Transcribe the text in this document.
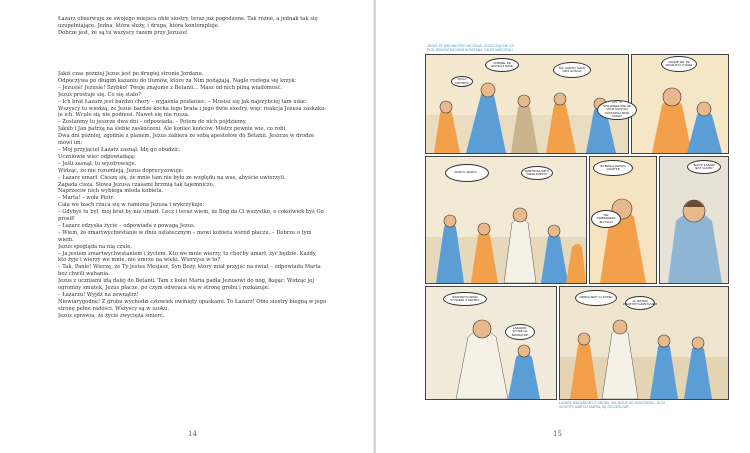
Łazarz obserwuje ze swojego miejsca obie siostry, teraz już pogodzone. Tak różne, a jednak tak się

uzupełniające. Jedna, która służy, i druga, która kontempluje.

Dobrze jest, że są tu wszyscy razem przy Jezusie!

Jakiś czas później Jezus jest po drugiej stronie Jordanu.

Odpoczywa po długim kazaniu do tłumów, które za Nim podążają. Nagle rozlega się krzyk:

– Jezusie! Jezusie! Szybko! Twoje znajome z Betanii… Masz od nich pilną wiadomość.

Jezus prostuje się. Co się stało?

– Ich brat Łazarz jest bardzo chory – wyjaśnia posłaniec. – Musisz się jak najszybciej tam udać.

Wszyscy tu wiedzą, że Jezus bardzo kocha tego brata i jego dwie siostry, więc reakcja Jezusa zaskaku-

je ich. Wcale się nie podnosi. Nawet się nie rusza.

– Zostańmy tu jeszcze dwa dni – odpowiada. – Potem do nich pójdziemy.

Jakub i Jan patrzą na siebie zaskoczeni. Ale koniec końców, Mistrz pewnie wie, co robi.

Dwa dni później, zgodnie z planem, Jezus zabiera ze sobą apostołów do Betanii. Jeszcze w drodze

mówi im:

– Mój przyjaciel Łazarz zasnął. Idę go obudzić.

Uczniowie wiec odpowiadają:

– Jeśli zasnął, to wyzdrowieje.

Widząc, że nie rozumieją, Jezus doprecyzowuje:

– Łazarz umarł. Cieszę się, że mnie tam nie było ze względu na was, abyście uwierzyli.

Zapada cisza. Słowa Jezusa czasami brzmią tak tajemniczo.

Naprzeciw nich wybiega młoda kobieta.

– Marta! – woła Piotr.

Cała we łzach rzuca się w ramiona Jezusa i wykrzykuje:

– Gdybyś tu był, mój brat by nie umarł. Lecz i teraz wiem, że Bóg da Ci wszystko, o cokolwiek byś Go

prosił!

– Łazarz odzyska życie – odpowiada z powagą Jezus.

– Wiem, że zmartwychwstanie w dniu ostatecznym – mówi kobieta wśród płaczu. – Dobrze o tym

wiem.

Jezus spogląda na nią czule.

– Ja jestem zmartwychwstaniem i życiem. Kto we mnie wierzy, to choćby umarł, żyć będzie. Każdy,

kto żyje i wierzy we mnie, nie umrze na wieki. Wierzysz w to?

– Tak, Panie! Wierzę, że Ty jesteś Mesjasz, Syn Boży, który miał przyjść na świat – odpowiada Marta

bez chwili wahania.

Jezus z uczniami idą dalej do Betanii. Tam z kolei Maria padła Jezusowi do nóg, łkając. Widząc jej

ogromny smutek, Jezus płacze, po czym odwraca się w stronę grobu i rozkazuje:

– Łazarzu! Wyjdź na zewnątrz!

Niewiarygodne! Z grobu wychodzi człowiek owinięty opaskami. To Łazarz! Obie siostry biegną w jego

stronę pełne radości. Wszyscy są w szoku.

Jezus sprawia, że życie zwycięża śmierć.

14	15
JEZUS ZE SWOIMI PRZYJACIÓŁMI, GOSZCZĄCYMI GO POD JEDNYM DACHEM W BETANII, GDZIE MIESZKALI.
ŁAZARZ UWOLNIONY Z GROBU, BO JEZUS GO WSKRZESIŁ. JEGO SIOSTRY, MARTA I MARIA, SĄ SZCZĘŚLIWE.
DOBRZE, ŻE JESTEŚ Z NAMI!
WITAJ, MISTRZU!
TAK, MARTO, MAMY DZIŚ GOŚCIA
CIESZĘ SIĘ, ŻE MOGĘ BYĆ Z WAMI
CZY TO SPRAWIEDLIWE, ŻE MOJA SIOSTRA ZOSTAWIŁA MNIE SAMĄ?
MARTO, MARTO...	MARTWISZ SIĘ O WIELE RZECZY
WYBRAŁA LEPSZĄ CZĄSTKĘ
NIE ODBIERZESZ JEJ TEGO
JEZUS! ŁAZARZ JEST CHORY!
NIEWIARYGODNE! WYSZEDŁ Z GROBU!
ŁAZARZU! WYJDŹ NA ZEWNĄTRZ!
DZIĘKUJEMY CI, PANIE!
JA JESTEM ZMARTWYCHWSTANIEM
